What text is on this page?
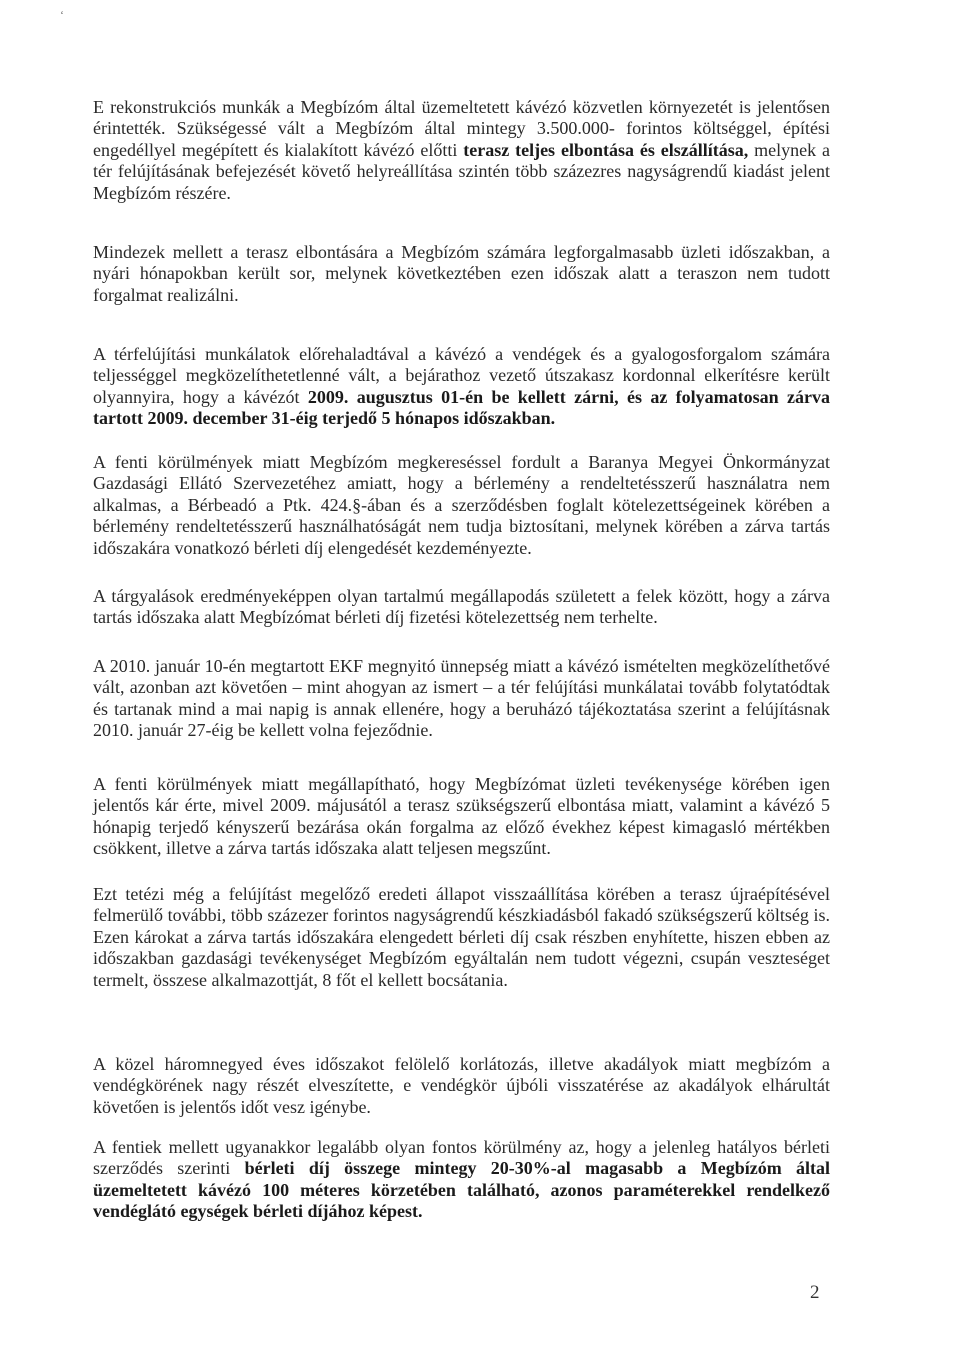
‘

E rekonstrukciós munkák a Megbízóm által üzemeltetett kávézó közvetlen környezetét is jelentősen érintették. Szükségessé vált a Megbízóm által mintegy 3.500.000- forintos költséggel, építési engedéllyel megépített és kialakított kávézó előtti terasz teljes elbontása és elszállítása, melynek a tér felújításának befejezését követő helyreállítása szintén több százezres nagyságrendű kiadást jelent Megbízóm részére.

Mindezek mellett a terasz elbontására a Megbízóm számára legforgalmasabb üzleti időszakban, a nyári hónapokban került sor, melynek következtében ezen időszak alatt a teraszon nem tudott forgalmat realizálni.

A térfelújítási munkálatok előrehaladtával a kávézó a vendégek és a gyalogosforgalom számára teljességgel megközelíthetetlenné vált, a bejárathoz vezető útszakasz kordonnal elkerítésre került olyannyira, hogy a kávézót 2009. augusztus 01-én be kellett zárni, és az folyamatosan zárva tartott 2009. december 31-éig terjedő 5 hónapos időszakban.

A fenti körülmények miatt Megbízóm megkereséssel fordult a Baranya Megyei Önkormányzat Gazdasági Ellátó Szervezetéhez amiatt, hogy a bérlemény a rendeltetésszerű használatra nem alkalmas, a Bérbeadó a Ptk. 424.§-ában és a szerződésben foglalt kötelezettségeinek körében a bérlemény rendeltetésszerű használhatóságát nem tudja biztosítani, melynek körében a zárva tartás időszakára vonatkozó bérleti díj elengedését kezdeményezte.

A tárgyalások eredményeképpen olyan tartalmú megállapodás született a felek között, hogy a zárva tartás időszaka alatt Megbízómat bérleti díj fizetési kötelezettség nem terhelte.

A 2010. január 10-én megtartott EKF megnyitó ünnepség miatt a kávézó ismételten megközelíthetővé vált, azonban azt követően – mint ahogyan az ismert – a tér felújítási munkálatai tovább folytatódtak és tartanak mind a mai napig is annak ellenére, hogy a beruházó tájékoztatása szerint a felújításnak 2010. január 27-éig be kellett volna fejeződnie.

A fenti körülmények miatt megállapítható, hogy Megbízómat üzleti tevékenysége körében igen jelentős kár érte, mivel 2009. májusától a terasz szükségszerű elbontása miatt, valamint a kávézó 5 hónapig terjedő kényszerű bezárása okán forgalma az előző évekhez képest kimagasló mértékben csökkent, illetve a zárva tartás időszaka alatt teljesen megszűnt.

Ezt tetézi még a felújítást megelőző eredeti állapot visszaállítása körében a terasz újraépítésével felmerülő további, több százezer forintos nagyságrendű készkiadásból fakadó szükségszerű költség is. Ezen károkat a zárva tartás időszakára elengedett bérleti díj csak részben enyhítette, hiszen ebben az időszakban gazdasági tevékenységet Megbízóm egyáltalán nem tudott végezni, csupán veszteséget termelt, összese alkalmazottját, 8 főt el kellett bocsátania.

A közel háromnegyed éves időszakot felölelő korlátozás, illetve akadályok miatt megbízóm a vendégkörének nagy részét elveszítette, e vendégkör újbóli visszatérése az akadályok elhárultát követően is jelentős időt vesz igénybe.

A fentiek mellett ugyanakkor legalább olyan fontos körülmény az, hogy a jelenleg hatályos bérleti szerződés szerinti bérleti díj összege mintegy 20-30%-al magasabb a Megbízóm által üzemeltetett kávézó 100 méteres körzetében található, azonos paraméterekkel rendelkező vendéglátó egységek bérleti díjához képest.

2
